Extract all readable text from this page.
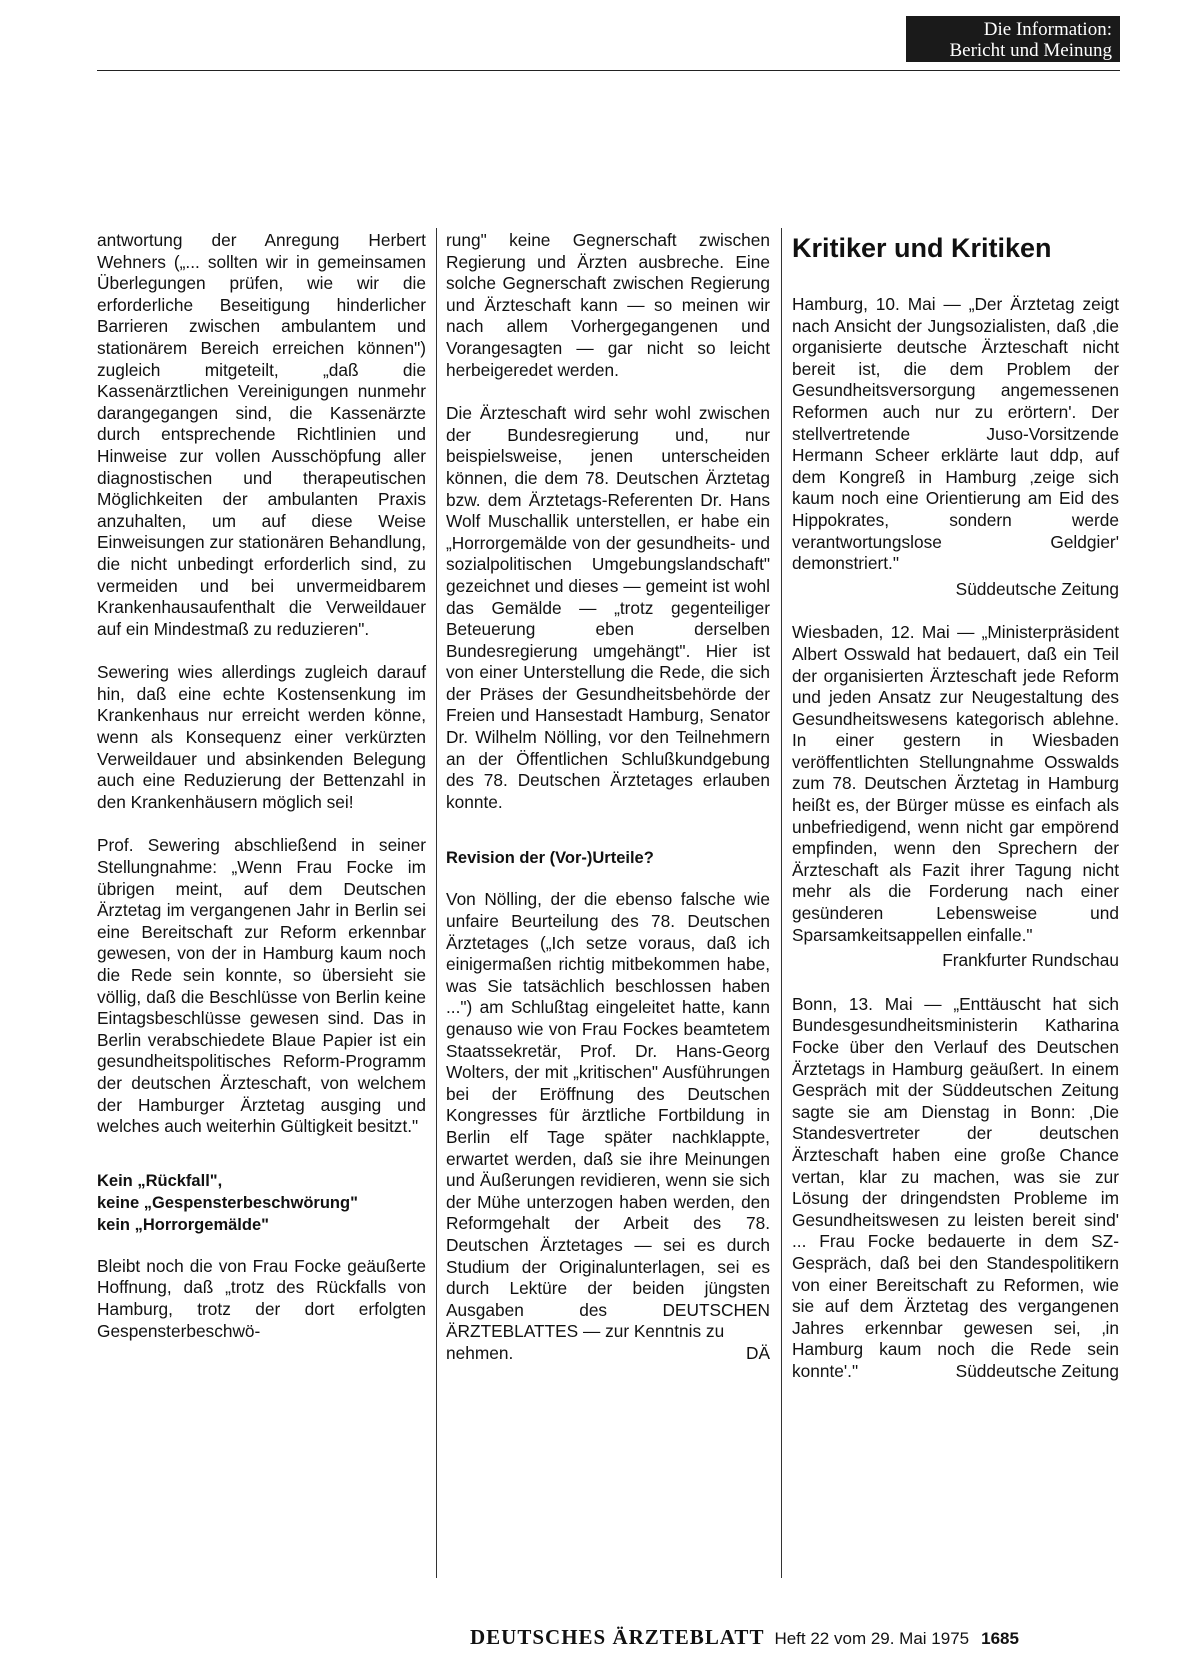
Die Information:
Bericht und Meinung

antwortung der Anregung Herbert Wehners („... sollten wir in gemeinsamen Überlegungen prüfen, wie wir die erforderliche Beseitigung hinderlicher Barrieren zwischen ambulantem und stationärem Bereich erreichen können") zugleich mitgeteilt, „daß die Kassenärztlichen Vereinigungen nunmehr darangegangen sind, die Kassenärzte durch entsprechende Richtlinien und Hinweise zur vollen Ausschöpfung aller diagnostischen und therapeutischen Möglichkeiten der ambulanten Praxis anzuhalten, um auf diese Weise Einweisungen zur stationären Behandlung, die nicht unbedingt erforderlich sind, zu vermeiden und bei unvermeidbarem Krankenhausaufenthalt die Verweildauer auf ein Mindestmaß zu reduzieren".

Sewering wies allerdings zugleich darauf hin, daß eine echte Kostensenkung im Krankenhaus nur erreicht werden könne, wenn als Konsequenz einer verkürzten Verweildauer und absinkenden Belegung auch eine Reduzierung der Bettenzahl in den Krankenhäusern möglich sei!

Prof. Sewering abschließend in seiner Stellungnahme: „Wenn Frau Focke im übrigen meint, auf dem Deutschen Ärztetag im vergangenen Jahr in Berlin sei eine Bereitschaft zur Reform erkennbar gewesen, von der in Hamburg kaum noch die Rede sein konnte, so übersieht sie völlig, daß die Beschlüsse von Berlin keine Eintagsbeschlüsse gewesen sind. Das in Berlin verabschiedete Blaue Papier ist ein gesundheitspolitisches Reform-Programm der deutschen Ärzteschaft, von welchem der Hamburger Ärztetag ausging und welches auch weiterhin Gültigkeit besitzt."

Kein „Rückfall",
keine „Gespensterbeschwörung"
kein „Horrorgemälde"

Bleibt noch die von Frau Focke geäußerte Hoffnung, daß „trotz des Rückfalls von Hamburg, trotz der dort erfolgten Gespensterbeschwö-

rung" keine Gegnerschaft zwischen Regierung und Ärzten ausbreche. Eine solche Gegnerschaft zwischen Regierung und Ärzteschaft kann — so meinen wir nach allem Vorhergegangenen und Vorangesagten — gar nicht so leicht herbeigeredet werden.

Die Ärzteschaft wird sehr wohl zwischen der Bundesregierung und, nur beispielsweise, jenen unterscheiden können, die dem 78. Deutschen Ärztetag bzw. dem Ärztetags-Referenten Dr. Hans Wolf Muschallik unterstellen, er habe ein „Horrorgemälde von der gesundheits- und sozialpolitischen Umgebungslandschaft" gezeichnet und dieses — gemeint ist wohl das Gemälde — „trotz gegenteiliger Beteuerung eben derselben Bundesregierung umgehängt". Hier ist von einer Unterstellung die Rede, die sich der Präses der Gesundheitsbehörde der Freien und Hansestadt Hamburg, Senator Dr. Wilhelm Nölling, vor den Teilnehmern an der Öffentlichen Schlußkundgebung des 78. Deutschen Ärztetages erlauben konnte.

Revision der (Vor-)Urteile?

Von Nölling, der die ebenso falsche wie unfaire Beurteilung des 78. Deutschen Ärztetages („Ich setze voraus, daß ich einigermaßen richtig mitbekommen habe, was Sie tatsächlich beschlossen haben ...") am Schlußtag eingeleitet hatte, kann genauso wie von Frau Fockes beamtetem Staatssekretär, Prof. Dr. Hans-Georg Wolters, der mit „kritischen" Ausführungen bei der Eröffnung des Deutschen Kongresses für ärztliche Fortbildung in Berlin elf Tage später nachklappte, erwartet werden, daß sie ihre Meinungen und Äußerungen revidieren, wenn sie sich der Mühe unterzogen haben werden, den Reformgehalt der Arbeit des 78. Deutschen Ärztetages — sei es durch Studium der Originalunterlagen, sei es durch Lektüre der beiden jüngsten Ausgaben des DEUTSCHEN ÄRZTEBLATTES — zur Kenntnis zu

nehmen.	DÄ
Kritiker und Kritiken

Hamburg, 10. Mai — „Der Ärztetag zeigt nach Ansicht der Jungsozialisten, daß ‚die organisierte deutsche Ärzteschaft nicht bereit ist, die dem Problem der Gesundheitsversorgung angemessenen Reformen auch nur zu erörtern'. Der stellvertretende Juso-Vorsitzende Hermann Scheer erklärte laut ddp, auf dem Kongreß in Hamburg ‚zeige sich kaum noch eine Orientierung am Eid des Hippokrates, sondern werde verantwortungslose Geldgier' demonstriert."

Süddeutsche Zeitung

Wiesbaden, 12. Mai — „Ministerpräsident Albert Osswald hat bedauert, daß ein Teil der organisierten Ärzteschaft jede Reform und jeden Ansatz zur Neugestaltung des Gesundheitswesens kategorisch ablehne. In einer gestern in Wiesbaden veröffentlichten Stellungnahme Osswalds zum 78. Deutschen Ärztetag in Hamburg heißt es, der Bürger müsse es einfach als unbefriedigend, wenn nicht gar empörend empfinden, wenn den Sprechern der Ärzteschaft als Fazit ihrer Tagung nicht mehr als die Forderung nach einer gesünderen Lebensweise und Sparsamkeitsappellen einfalle."

Frankfurter Rundschau

Bonn, 13. Mai — „Enttäuscht hat sich Bundesgesundheitsministerin Katharina Focke über den Verlauf des Deutschen Ärztetags in Hamburg geäußert. In einem Gespräch mit der Süddeutschen Zeitung sagte sie am Dienstag in Bonn: ‚Die Standesvertreter der deutschen Ärzteschaft haben eine große Chance vertan, klar zu machen, was sie zur Lösung der dringendsten Probleme im Gesundheitswesen zu leisten bereit sind' ... Frau Focke bedauerte in dem SZ-Gespräch, daß bei den Standespolitikern von einer Bereitschaft zu Reformen, wie sie auf dem Ärztetag des vergangenen Jahres erkennbar gewesen sei, ‚in Hamburg kaum noch die Rede sein konnte'."	Süddeutsche Zeitung
DEUTSCHES ÄRZTEBLATT Heft 22 vom 29. Mai 1975 1685
